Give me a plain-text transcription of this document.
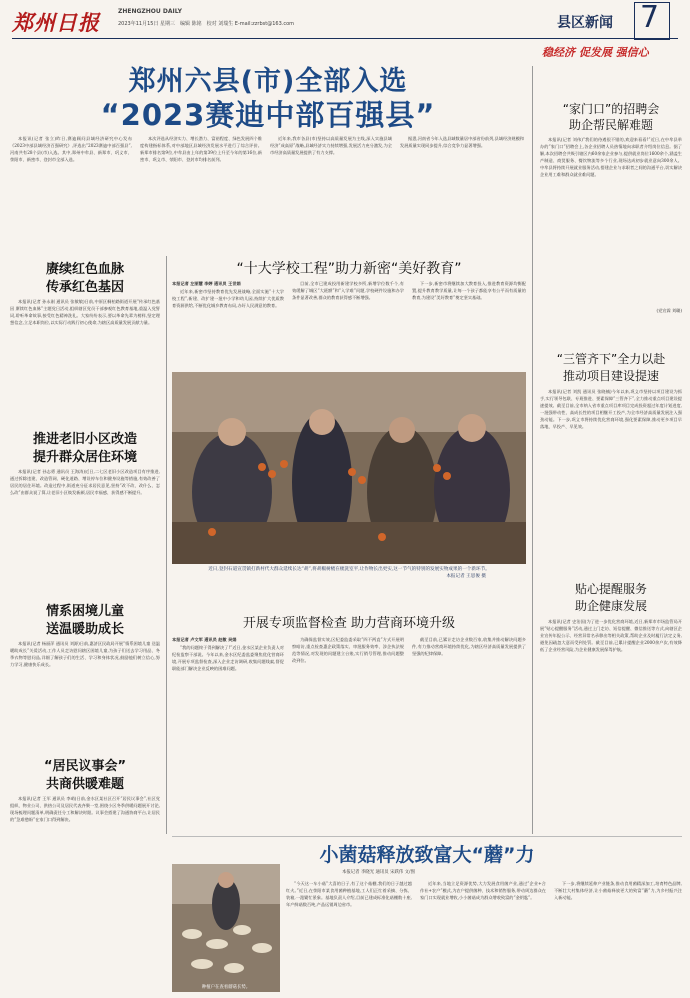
郑州日报	ZHENGZHOU DAILY
2023年11月15日 星期三　编辑 陈铭　校对 刘瑞生 E-mail:zzrbst@163.com	县区新闻 7
稳经济 促发展 强信心
郑州六县(市)全部入选
“2023赛迪中部百强县”
本报讯(记者 张立)昨日,赛迪顾问县域经济研究中心发布《2023中部县域经济百强研究》,评选出“2023赛迪中部百强县”,河南共有28个县(市)入选。其中,郑州中牟县、新郑市、巩义市、荥阳市、新密市、登封市全部入选。
本次评选从经济实力、增长潜力、富裕程度、绿色发展四个维度构建指标体系,对中部地区县域经济发展水平进行了综合评价。新郑市排名第9位,中牟县由上年的第39位上升至今年的第16位,新密市、巩义市、荥阳市、登封市均排名前列。
近年来,我市各县(市)坚持以高质量发展为主线,深入实施县域经济“成高原”战略,县域经济实力持续增强,发展活力充分激发,为全市经济高质量发展提供了有力支撑。
据悉,河南省今年入选县域数量居中部省份前列,县域经济规模和发展质量实现同步提升,综合竞争力显著增强。
“家门口”的招聘会
助企帮民解难题
本报讯(记者 刘伟)“我们的待遇很不错的,欢迎来看看!”近日,在中牟县举办的“家门口”招聘会上,各企业招聘人员热情地向求职者介绍岗位信息。据了解,本次招聘会共吸引辖区内60余家企业参与,提供就业岗位1600余个,涵盖生产制造、商贸服务、餐饮物流等多个行业,现场达成初步就业意向300余人。中牟县将持续开展就业服务活动,搭建企业与求职者之间的沟通平台,切实解决企业用工难和群众就业难问题。
(党宣霖 刘璐)
“三管齐下”全力以赴
推动项目建设提速
本报讯(记者 刘凯 通讯员 张晓楠)今年以来,巩义市坚持以项目建设为抓手,实行领导包联、专班推进、要素保障“三管齐下”,全力推动重点项目建设提速提效。截至目前,全市纳入省市重点项目库项目完成投资超过年度计划进度,一批强带动性、高成长性的项目相继开工投产,为全市经济高质量发展注入强劲动能。下一步,巩义市将持续优化营商环境,强化要素保障,推动更多项目早落地、早投产、早见效。
贴心提醒服务
助企健康发展
本报讯(记者 史治国)为了进一步优化营商环境,近日,新郑市市场监管局开展“贴心提醒服务”活动,通过上门走访、短信提醒、微信推送等方式,向辖区企业宣传年报公示、经营异常名录移出等相关政策,帮助企业及时履行法定义务,避免因疏忽大意而受到处罚。截至目前,已累计提醒企业2000余户次,有效降低了企业经营风险,为企业健康发展保驾护航。
赓续红色血脉
传承红色基因
本报讯(记者 孙永刚 通讯员 张敏敏)日前,中原区桐柏路街道开展“传承红色基因 赓续红色血脉”主题党日活动,组织辖区党员干部参观红色教育基地,重温入党誓词,聆听革命故事,接受红色精神洗礼。大家纷纷表示,要以革命先辈为榜样,坚定理想信念,立足本职岗位,以实际行动践行初心使命,为辖区高质量发展贡献力量。
推进老旧小区改造
提升群众居住环境
本报讯(记者 孙志勇 通讯员 王海涛)近日,二七区老旧小区改造项目有序推进,通过拆除违建、改造管网、硬化道路、增设停车位和健身设施等措施,有效改善了居民的居住环境。改造过程中,街道充分征求居民意见,坚持“改不改、改什么、怎么改”由群众说了算,让老旧小区焕发新颜,居民幸福感、获得感不断提升。
情系困境儿童
送温暖助成长
本报讯(记者 杨丽萍 通讯员 刘源)日前,惠济区民政局开展“情系困境儿童 送温暖助成长”关爱活动,工作人员走访慰问辖区困境儿童,为孩子们送去学习用品、冬季衣物等慰问品,详细了解孩子们的生活、学习和身体状况,鼓励他们树立信心,努力学习,健康快乐成长。
“居民议事会”
共商供暖难题
本报讯(记者 王军 通讯员 李萌)日前,金水区某社区召开“居民议事会”,社区党组织、物业公司、供热公司及居民代表齐聚一堂,围绕小区冬季供暖问题展开讨论,现场梳理问题清单,明确责任分工和解决时限。议事会搭建了沟通协商平台,让居民的“急难愁盼”在家门口得到解决。
“十大学校工程”助力新密“美好教育”
本报记者 左丽慧 李婷 通讯员 王世娟
近年来,新密市坚持教育优先发展战略,全面实施“十大学校工程”,新建、改扩建一批中小学和幼儿园,持续扩大优质教育资源供给,不断优化城乡教育布局,办好人民满意的教育。
目前,全市已建成投用新建学校多所,新增学位数千个,有效缓解了城区“大班额”和“入学难”问题,学校硬件设施和办学条件显著改善,群众的教育获得感不断增强。
下一步,新密市将继续加大教育投入,推进教育资源均衡配置,提升教育教学质量,让每一个孩子都能享有公平而有质量的教育,为建设“美好教育”奠定坚实基础。
近日,登封石道宣贯镇打新村代大群众延续长达“胡”,将胡椒树梳在梳洗室平,让作物长出更实,这一节气的特别的发展实物成果的一个新环节。
本报记者 王思俊 摄
开展专项监督检查 助力营商环境升级
本报记者 卢文军 通讯员 赵敏 吴娟
“我的问题终于得到解决了!”近日,金水区某企业负责人对纪检监察干部说。今年以来,金水区纪委监委聚焦优化营商环境,开展专项监督检查,深入企业走访调研,收集问题线索,督促职能部门解决企业反映的困难问题。
为确保监督实效,区纪委监委采取“四不两直”方式开展明察暗访,重点检查惠企政策落实、审批服务效率、涉企执法规范等情况,对发现的问题建立台账,实行销号管理,推动问题整改到位。
截至目前,已累计走访企业数百家,收集并推动解决问题多件,有力推动营商环境持续优化,为辖区经济高质量发展提供了坚强的纪律保障。
小菌菇释放致富大“蘑”力
本报记者 李晓光 通讯员 宋跃伟 文/图
种植户在查看蘑菇长势。
“今天这一车小菇”大喜的日子,有了这个菇棚,我们的日子越过越红火。”近日,在荥阳市某食用菌种植基地,工人们正忙着采摘、分拣、装箱,一派繁忙景象。基地负责人介绍,目前已建成标准化菇棚数十座,年产鲜菇数百吨,产品远销周边省市。
近年来,当地立足资源优势,大力发展食用菌产业,通过“企业+合作社+农户”模式,为农户提供菌种、技术和销售服务,带动周边群众在家门口实现就业增收,小小菌菇成为群众增收致富的“金钥匙”。
下一步,将继续延伸产业链条,推动食用菌精深加工,培育特色品牌,不断壮大村集体经济,让小菌菇释放更大的致富“蘑”力,为乡村振兴注入新动能。
